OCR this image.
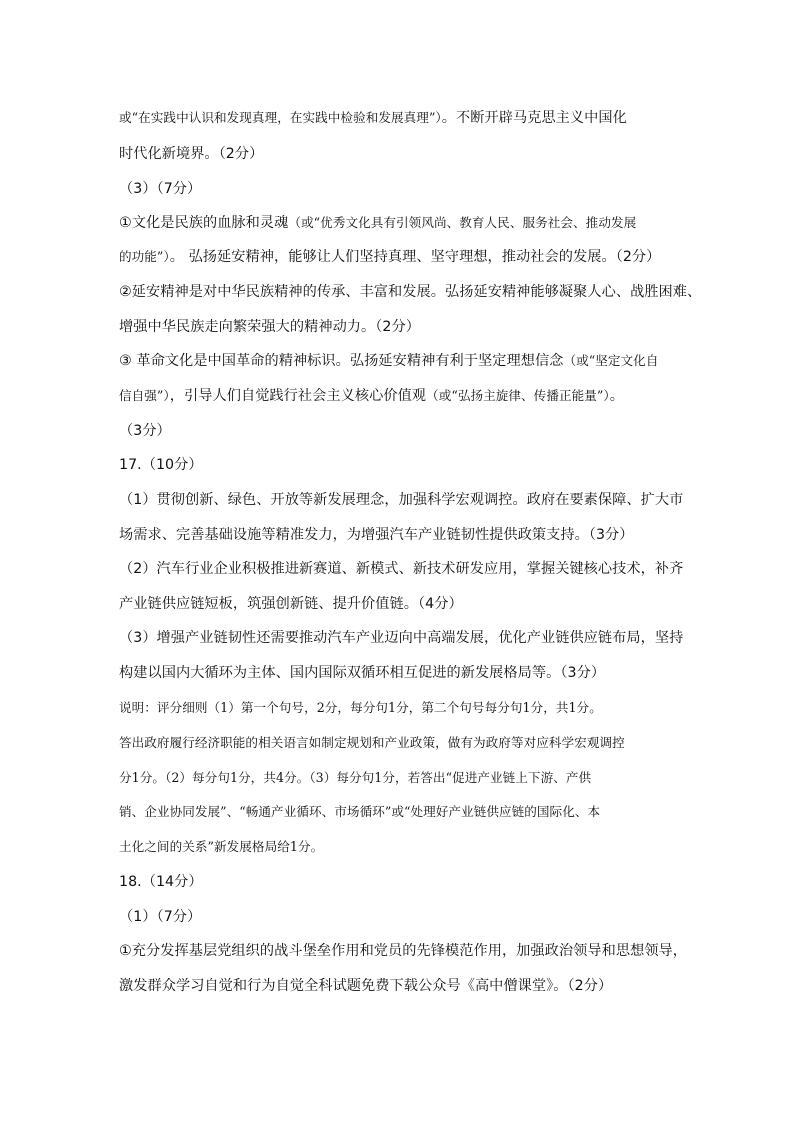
或“在实践中认识和发现真理，在实践中检验和发展真理”）。不断开辟马克思主义中国化
时代化新境界。（2分）
（3）（7分）
①文化是民族的血脉和灵魂（或“优秀文化具有引领风尚、教育人民、服务社会、推动发展
的功能”）。 弘扬延安精神，能够让人们坚持真理、坚守理想，推动社会的发展。（2分）
②延安精神是对中华民族精神的传承、丰富和发展。弘扬延安精神能够凝聚人心、战胜困难、
增强中华民族走向繁荣强大的精神动力。（2分）
③ 革命文化是中国革命的精神标识。弘扬延安精神有利于坚定理想信念（或“坚定文化自
信自强”），引导人们自觉践行社会主义核心价值观（或“弘扬主旋律、传播正能量”）。
（3分）
17.（10分）
（1）贯彻创新、绿色、开放等新发展理念，加强科学宏观调控。政府在要素保障、扩大市
场需求、完善基础设施等精准发力，为增强汽车产业链韧性提供政策支持。（3分）
（2）汽车行业企业积极推进新赛道、新模式、新技术研发应用，掌握关键核心技术，补齐
产业链供应链短板，筑强创新链、提升价值链。（4分）
（3）增强产业链韧性还需要推动汽车产业迈向中高端发展，优化产业链供应链布局，坚持
构建以国内大循环为主体、国内国际双循环相互促进的新发展格局等。（3分）
说明：评分细则（1）第一个句号，2分，每分句1分，第二个句号每分句1分，共1分。
答出政府履行经济职能的相关语言如制定规划和产业政策，做有为政府等对应科学宏观调控
分1分。（2）每分句1分，共4分。（3）每分句1分，若答出“促进产业链上下游、产供
销、企业协同发展”、“畅通产业循环、市场循环”或“处理好产业链供应链的国际化、本
土化之间的关系”新发展格局给1分。
18.（14分）
（1）（7分）
①充分发挥基层党组织的战斗堡垒作用和党员的先锋模范作用，加强政治领导和思想领导，
激发群众学习自觉和行为自觉全科试题免费下载公众号《高中僧课堂》。（2分）
